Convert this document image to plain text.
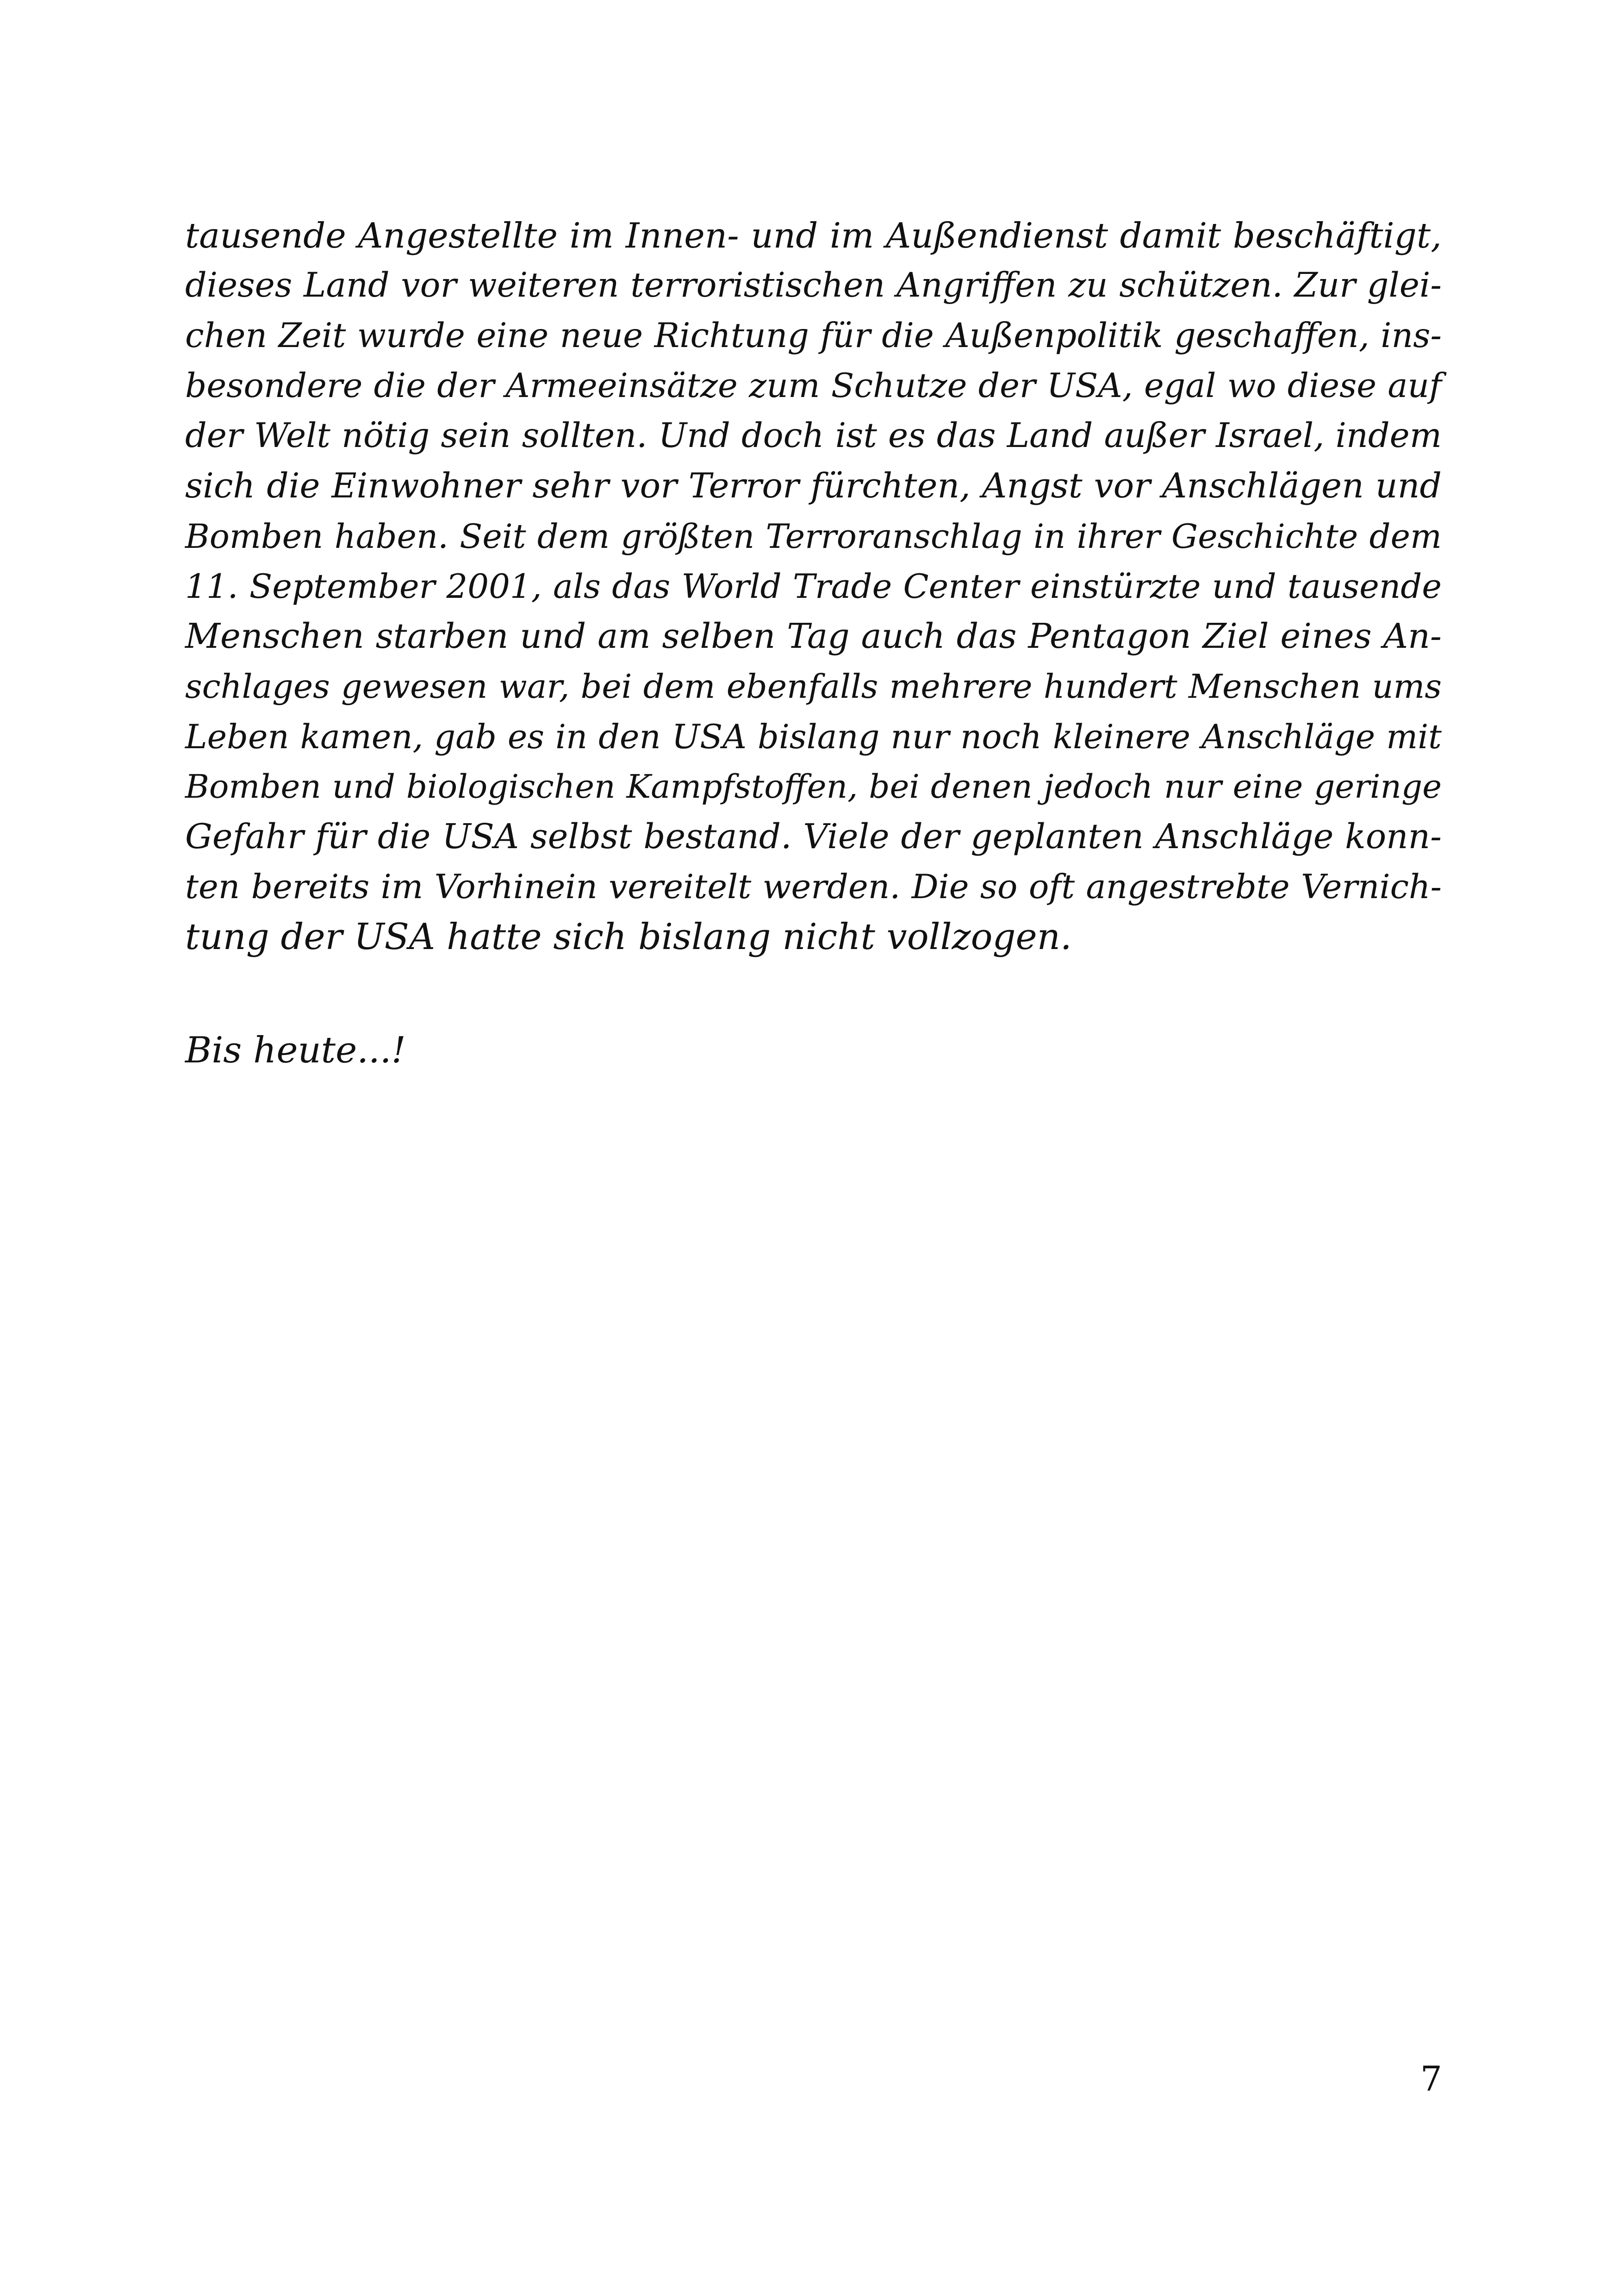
tausende Angestellte im Innen- und im Außendienst damit beschäftigt,
dieses Land vor weiteren terroristischen Angriffen zu schützen. Zur glei-
chen Zeit wurde eine neue Richtung für die Außenpolitik geschaffen, ins-
besondere die der Armeeinsätze zum Schutze der USA, egal wo diese auf
der Welt nötig sein sollten. Und doch ist es das Land außer Israel, indem
sich die Einwohner sehr vor Terror fürchten, Angst vor Anschlägen und
Bomben haben. Seit dem größten Terroranschlag in ihrer Geschichte dem
11. September 2001, als das World Trade Center einstürzte und tausende
Menschen starben und am selben Tag auch das Pentagon Ziel eines An-
schlages gewesen war, bei dem ebenfalls mehrere hundert Menschen ums
Leben kamen, gab es in den USA bislang nur noch kleinere Anschläge mit
Bomben und biologischen Kampfstoffen, bei denen jedoch nur eine geringe
Gefahr für die USA selbst bestand. Viele der geplanten Anschläge konn-
ten bereits im Vorhinein vereitelt werden. Die so oft angestrebte Vernich-
tung der USA hatte sich bislang nicht vollzogen.
Bis heute...!
7
